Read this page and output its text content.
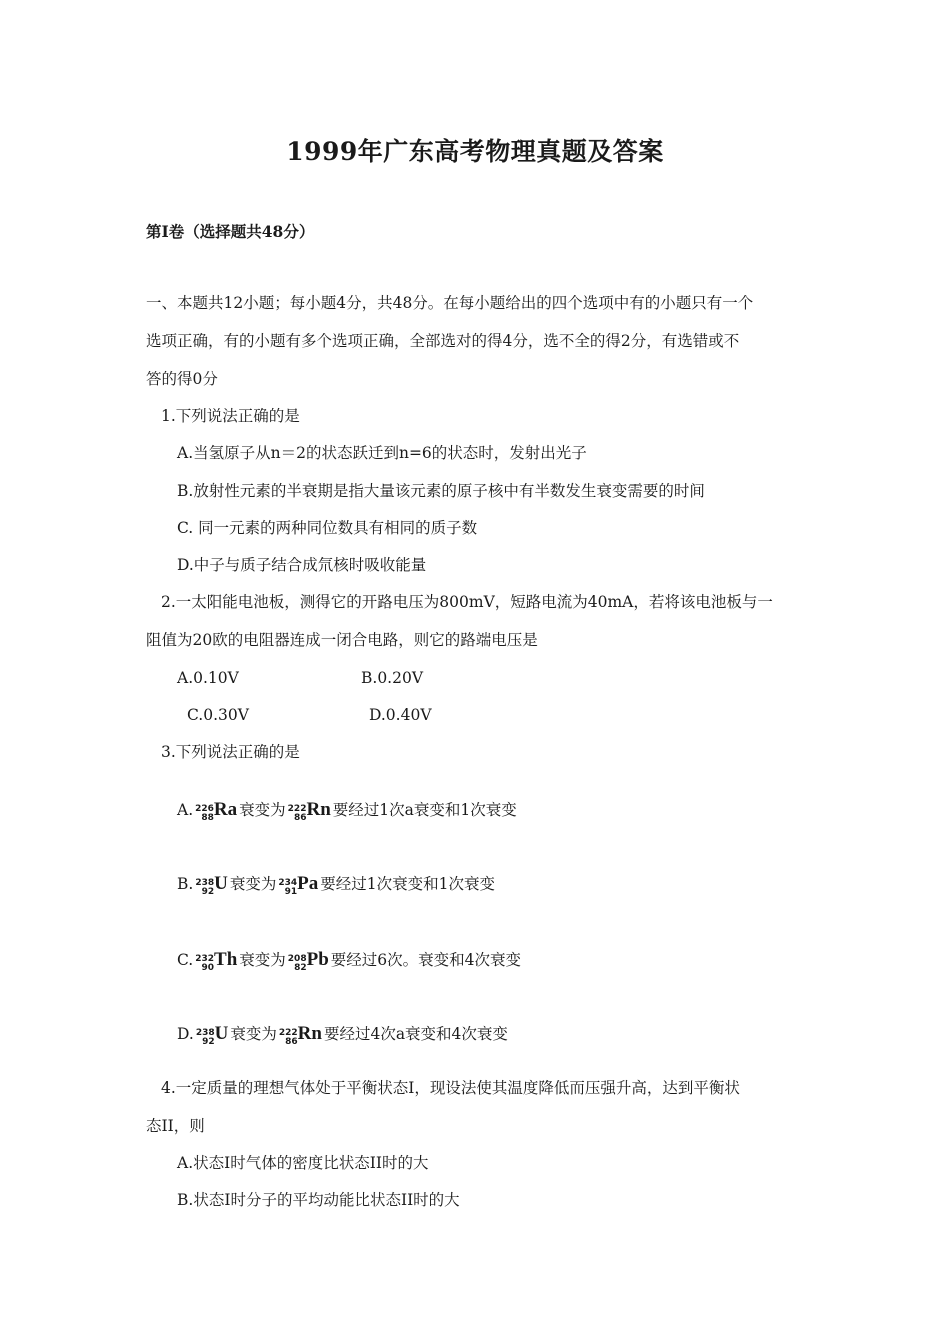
1999年广东高考物理真题及答案
第I卷（选择题共48分）
一、本题共12小题；每小题4分，共48分。在每小题给出的四个选项中有的小题只有一个
选项正确，有的小题有多个选项正确，全部选对的得4分，选不全的得2分，有选错或不
答的得0分
1.下列说法正确的是
A.当氢原子从n＝2的状态跃迁到n=6的状态时，发射出光子
B.放射性元素的半衰期是指大量该元素的原子核中有半数发生衰变需要的时间
C. 同一元素的两种同位数具有相同的质子数
D.中子与质子结合成氘核时吸收能量
2.一太阳能电池板，测得它的开路电压为800mV，短路电流为40mA，若将该电池板与一
阻值为20欧的电阻器连成一闭合电路，则它的路端电压是
A.0.10V	B.0.20V
C.0.30V	D.0.40V
3.下列说法正确的是
A. 226
88 Ra 衰变为 222
86 Rn 要经过1次a衰变和1次衰变
B. 238
92 U 衰变为 234
91 Pa 要经过1次衰变和1次衰变
C. 232
90 Th 衰变为 208
82 Pb 要经过6次。衰变和4次衰变
D. 238
92 U 衰变为 222
86 Rn 要经过4次a衰变和4次衰变
4.一定质量的理想气体处于平衡状态I，现设法使其温度降低而压强升高，达到平衡状
态II，则
A.状态I时气体的密度比状态II时的大
B.状态I时分子的平均动能比状态II时的大
